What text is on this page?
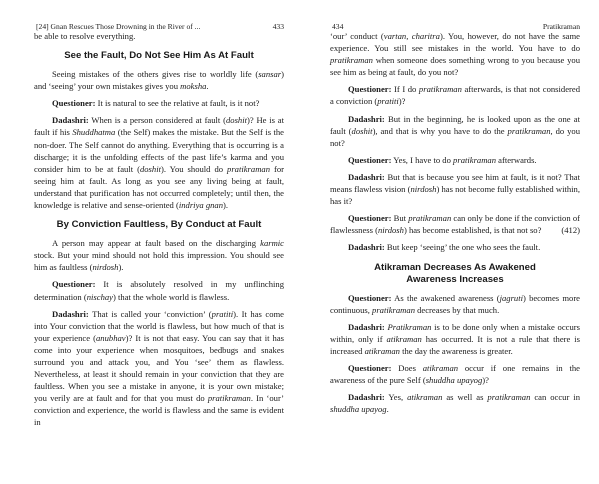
[24] Gnan Rescues Those Drowning in the River of ...	433

be able to resolve everything.

See the Fault, Do Not See Him As At Fault

Seeing mistakes of the others gives rise to worldly life (sansar) and ‘seeing’ your own mistakes gives you moksha.

Questioner: It is natural to see the relative at fault, is it not?

Dadashri: When is a person considered at fault (doshit)? He is at fault if his Shuddhatma (the Self) makes the mistake. But the Self is the non-doer. The Self cannot do anything. Everything that is occurring is a discharge; it is the unfolding effects of the past life’s karma and you consider him to be at fault (doshit). You should do pratikraman for seeing him at fault. As long as you see any living being at fault, understand that purification has not occurred completely; until then, the knowledge is relative and sense-oriented (indriya gnan).

By Conviction Faultless, By Conduct at Fault

A person may appear at fault based on the discharging karmic stock. But your mind should not hold this impression. You should see him as faultless (nirdosh).

Questioner: It is absolutely resolved in my unflinching determination (nischay) that the whole world is flawless.

Dadashri: That is called your ‘conviction’ (pratiti). It has come into Your conviction that the world is flawless, but how much of that is your experience (anubhav)? It is not that easy. You can say that it has come into your experience when mosquitoes, bedbugs and snakes surround you and attack you, and You ‘see’ them as flawless. Nevertheless, at least it should remain in your conviction that they are faultless. When you see a mistake in anyone, it is your own mistake; you verily are at fault and for that you must do pratikraman. In ‘our’ conviction and experience, the world is flawless and the same is evident in

434	Pratikraman

‘our’ conduct (vartan, charitra). You, however, do not have the same experience. You still see mistakes in the world. You have to do pratikraman when someone does something wrong to you because you see him as being at fault, do you not?

Questioner: If I do pratikraman afterwards, is that not considered a conviction (pratiti)?

Dadashri: But in the beginning, he is looked upon as the one at fault (doshit), and that is why you have to do the pratikraman, do you not?

Questioner: Yes, I have to do pratikraman afterwards.

Dadashri: But that is because you see him at fault, is it not? That means flawless vision (nirdosh) has not become fully established within, has it?

Questioner: But pratikraman can only be done if the conviction of flawlessness (nirdosh) has become established, is that not so?	(412)

Dadashri: But keep ‘seeing’ the one who sees the fault.

Atikraman Decreases As Awakened
Awareness Increases

Questioner: As the awakened awareness (jagruti) becomes more continuous, pratikraman decreases by that much.

Dadashri: Pratikraman is to be done only when a mistake occurs within, only if atikraman has occurred. It is not a rule that there is increased atikraman the day the awareness is greater.

Questioner: Does atikraman occur if one remains in the awareness of the pure Self (shuddha upayog)?

Dadashri: Yes, atikraman as well as pratikraman can occur in shuddha upayog.
